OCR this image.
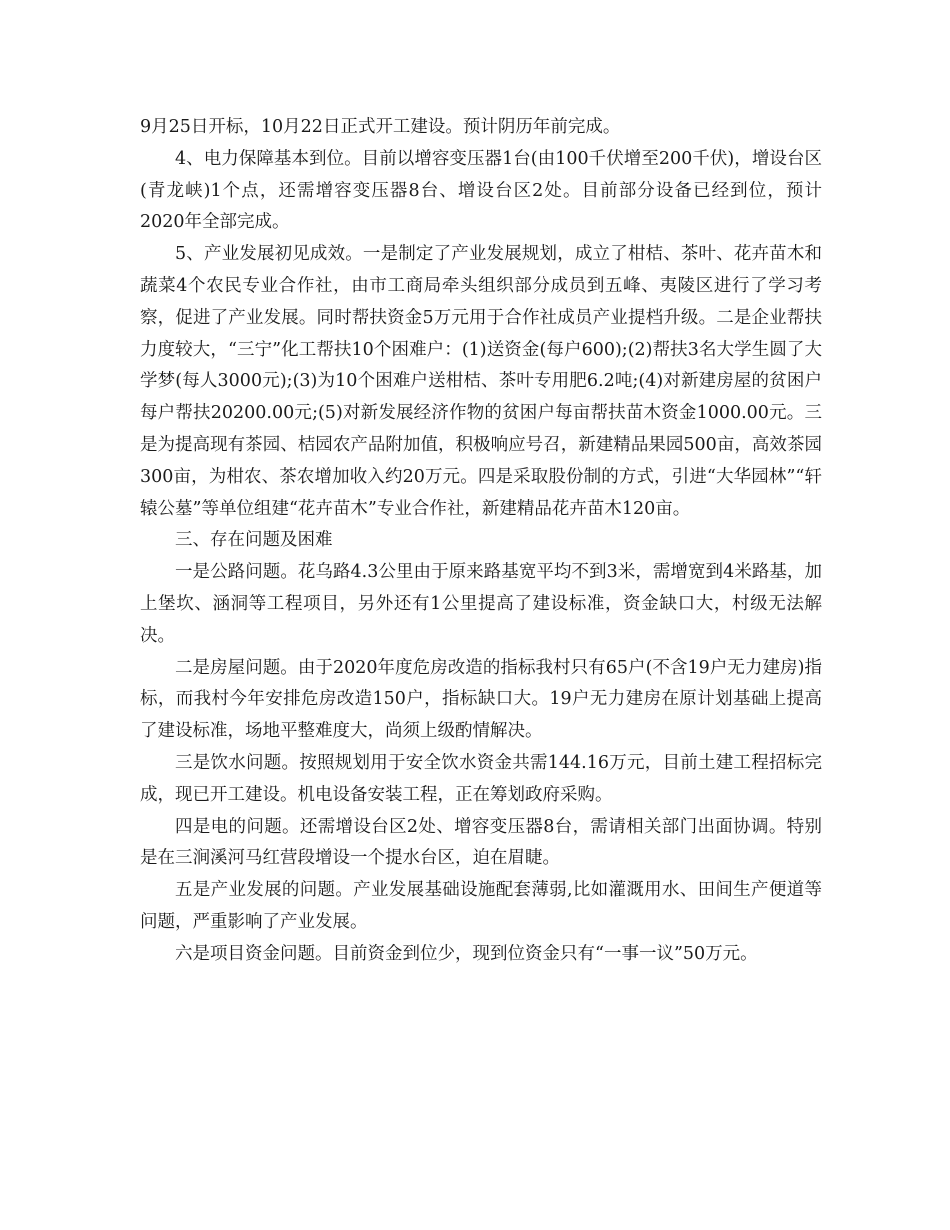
9月25日开标，10月22日正式开工建设。预计阴历年前完成。

4、电力保障基本到位。目前以增容变压器1台(由100千伏增至200千伏)，增设台区(青龙峡)1个点，还需增容变压器8台、增设台区2处。目前部分设备已经到位，预计2020年全部完成。

5、产业发展初见成效。一是制定了产业发展规划，成立了柑桔、茶叶、花卉苗木和蔬菜4个农民专业合作社，由市工商局牵头组织部分成员到五峰、夷陵区进行了学习考察，促进了产业发展。同时帮扶资金5万元用于合作社成员产业提档升级。二是企业帮扶力度较大，“三宁”化工帮扶10个困难户：(1)送资金(每户600);(2)帮扶3名大学生圆了大学梦(每人3000元);(3)为10个困难户送柑桔、茶叶专用肥6.2吨;(4)对新建房屋的贫困户每户帮扶20200.00元;(5)对新发展经济作物的贫困户每亩帮扶苗木资金1000.00元。三是为提高现有茶园、桔园农产品附加值，积极响应号召，新建精品果园500亩，高效茶园300亩，为柑农、茶农增加收入约20万元。四是采取股份制的方式，引进“大华园林”“轩辕公墓”等单位组建“花卉苗木”专业合作社，新建精品花卉苗木120亩。

三、存在问题及困难

一是公路问题。花乌路4.3公里由于原来路基宽平均不到3米，需增宽到4米路基，加上堡坎、涵洞等工程项目，另外还有1公里提高了建设标准，资金缺口大，村级无法解决。

二是房屋问题。由于2020年度危房改造的指标我村只有65户(不含19户无力建房)指标，而我村今年安排危房改造150户，指标缺口大。19户无力建房在原计划基础上提高了建设标准，场地平整难度大，尚须上级酌情解决。

三是饮水问题。按照规划用于安全饮水资金共需144.16万元，目前土建工程招标完成，现已开工建设。机电设备安装工程，正在筹划政府采购。

四是电的问题。还需增设台区2处、增容变压器8台，需请相关部门出面协调。特别是在三涧溪河马红营段增设一个提水台区，迫在眉睫。

五是产业发展的问题。产业发展基础设施配套薄弱,比如灌溉用水、田间生产便道等问题，严重影响了产业发展。

六是项目资金问题。目前资金到位少，现到位资金只有“一事一议”50万元。
